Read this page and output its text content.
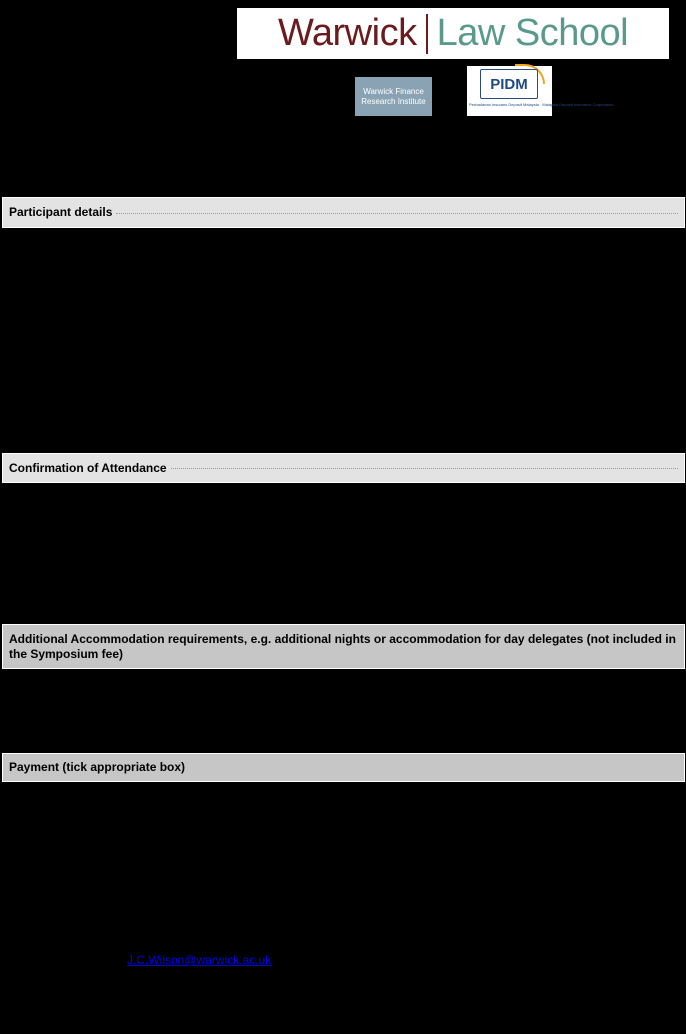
Warwick Law School
Warwick Finance Research Institute
PIDM
Perbadanan Insurans Deposit Malaysia · Malaysia Deposit Insurance Corporation
Participant details
Confirmation of Attendance
Additional Accommodation requirements, e.g. additional nights or accommodation for day delegates (not included in the Symposium fee)
Payment (tick appropriate box)
J.C.Wilson@warwick.ac.uk
